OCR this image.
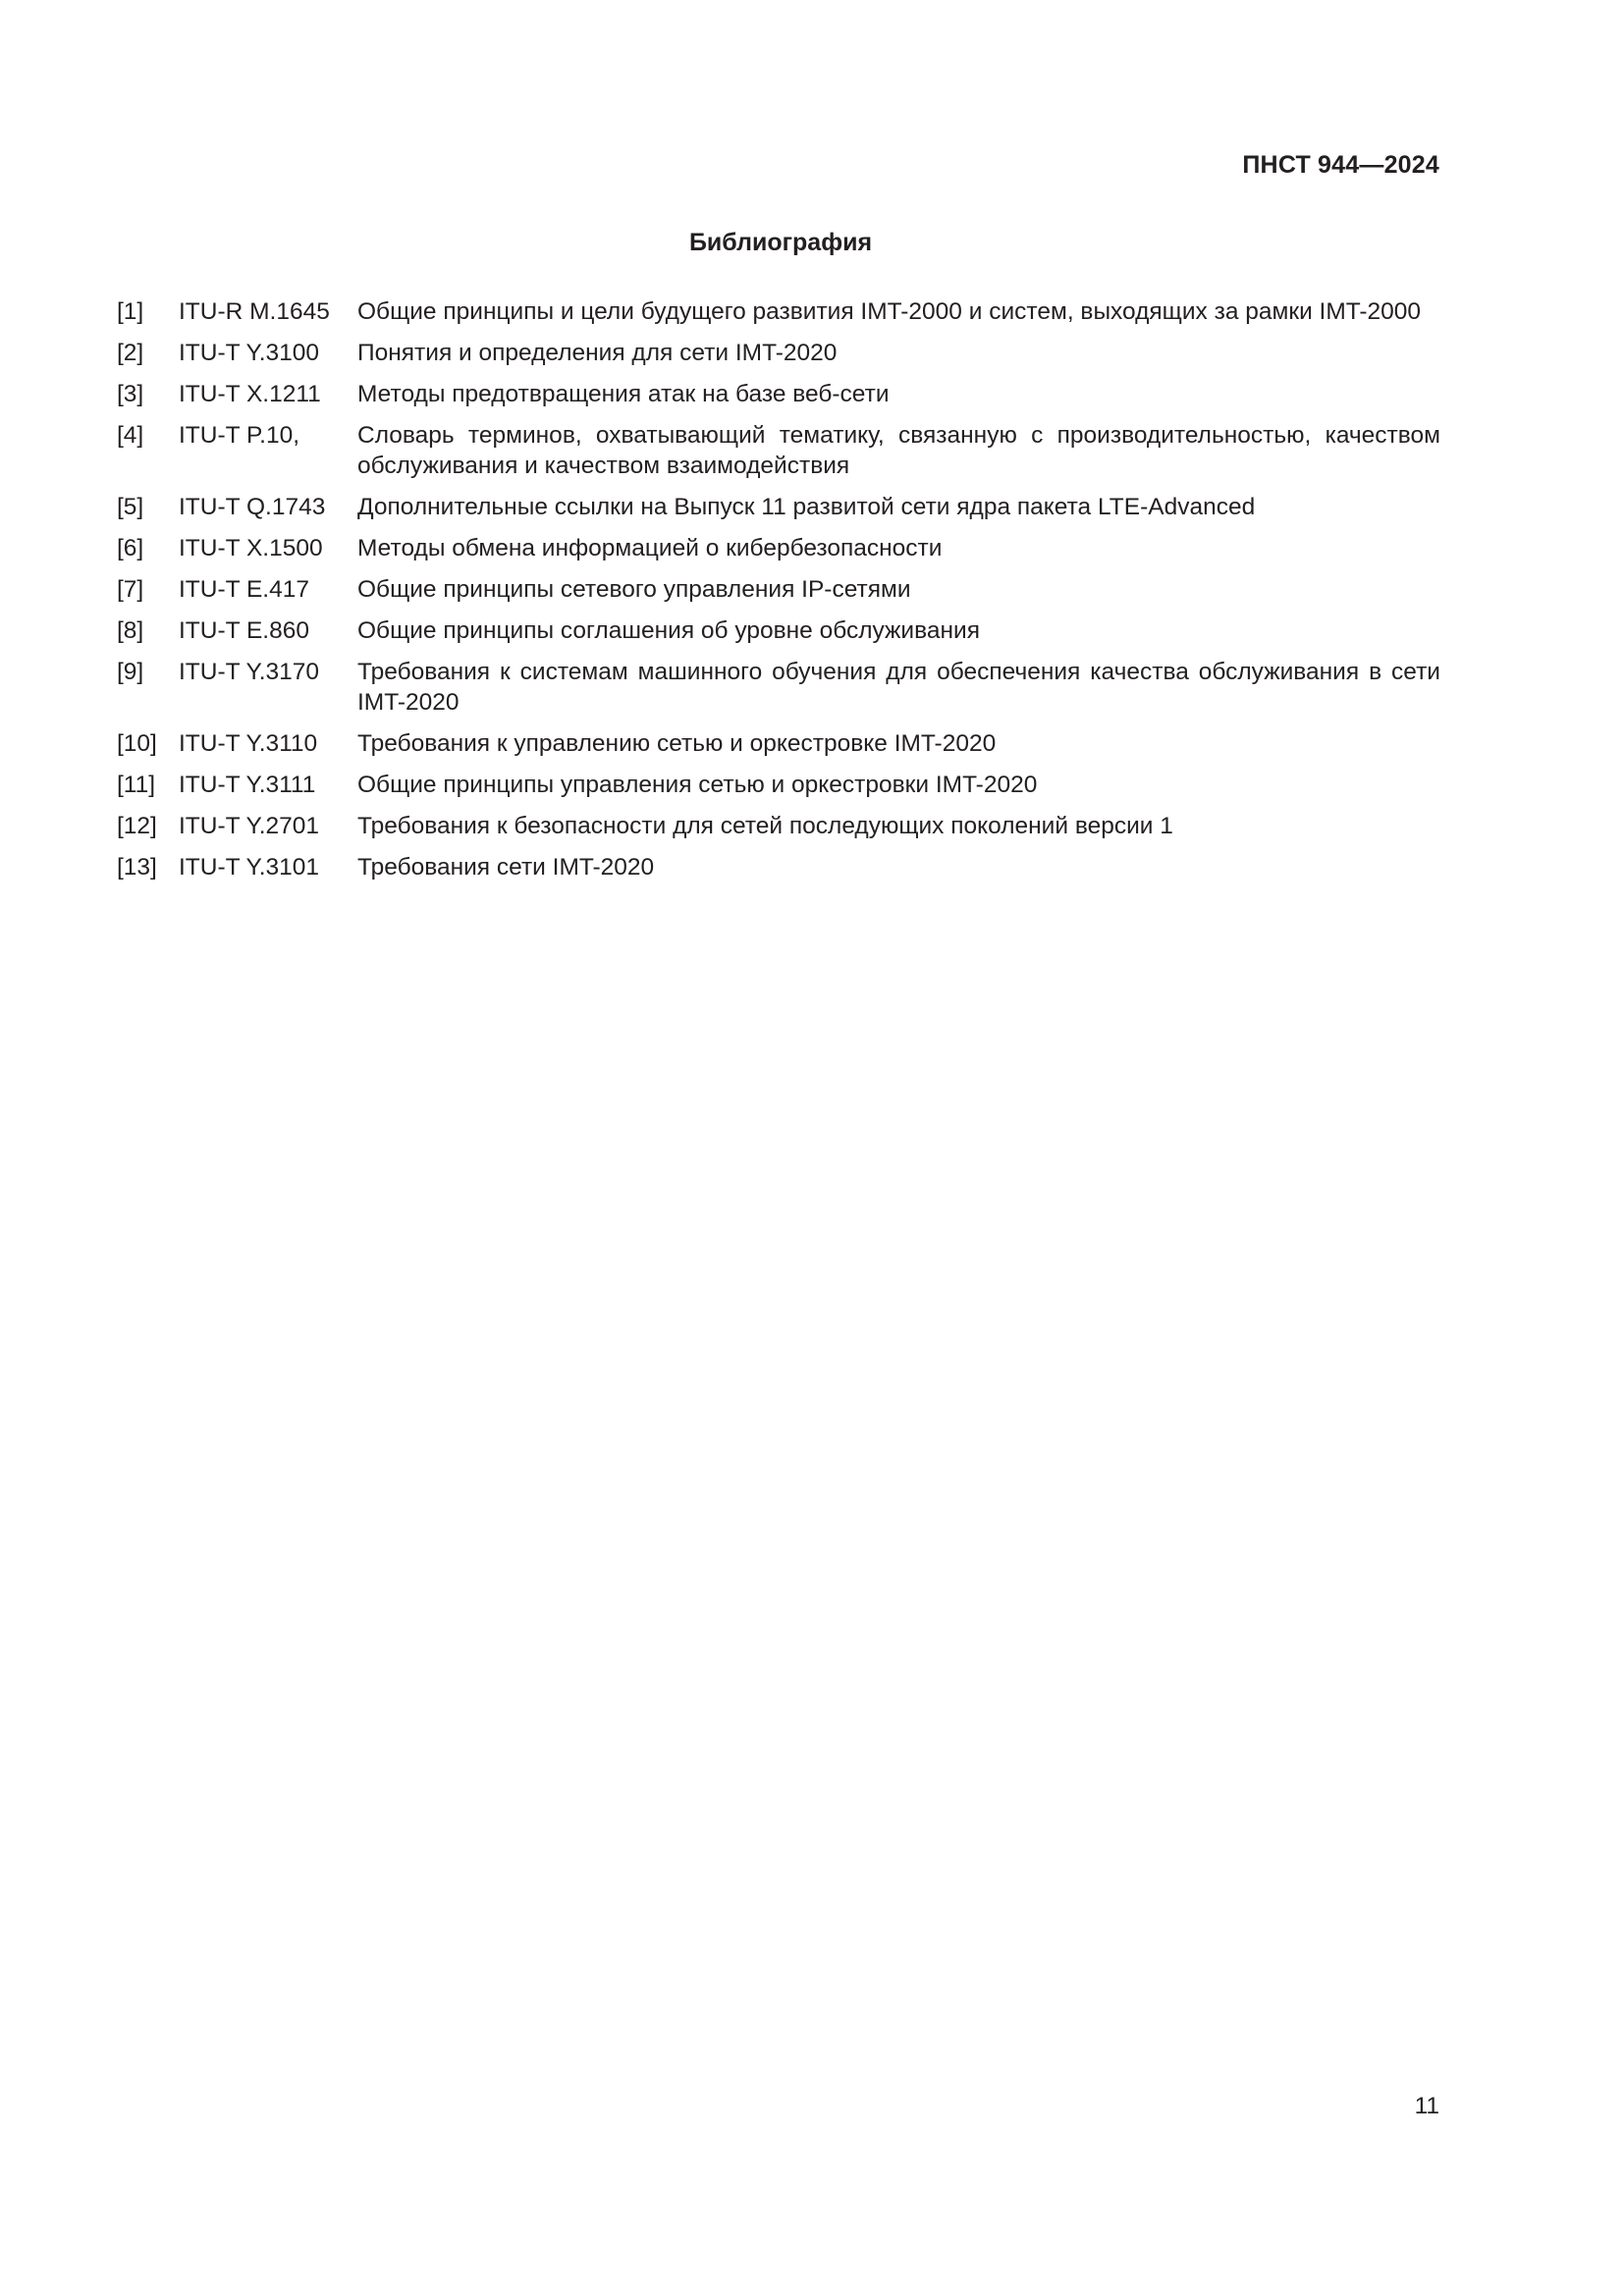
ПНСТ 944—2024
Библиография
[1]	ITU-R M.1645	Общие принципы и цели будущего развития IMT-2000 и систем, выходящих за рамки IMT-2000
[2]	ITU-T Y.3100	Понятия и определения для сети IMT-2020
[3]	ITU-T X.1211	Методы предотвращения атак на базе веб-сети
[4]	ITU-T P.10,	Словарь терминов, охватывающий тематику, связанную с производительностью, качеством обслуживания и качеством взаимодействия
[5]	ITU-T Q.1743	Дополнительные ссылки на Выпуск 11 развитой сети ядра пакета LTE-Advanced
[6]	ITU-T X.1500	Методы обмена информацией о кибербезопасности
[7]	ITU-T E.417	Общие принципы сетевого управления IP-сетями
[8]	ITU-T E.860	Общие принципы соглашения об уровне обслуживания
[9]	ITU-T Y.3170	Требования к системам машинного обучения для обеспечения качества обслуживания в сети IMT-2020
[10] ITU-T Y.3110	Требования к управлению сетью и оркестровке IMT-2020
[11] ITU-T Y.3111	Общие принципы управления сетью и оркестровки IMT-2020
[12] ITU-T Y.2701	Требования к безопасности для сетей последующих поколений версии 1
[13] ITU-T Y.3101	Требования сети IMT-2020
11
